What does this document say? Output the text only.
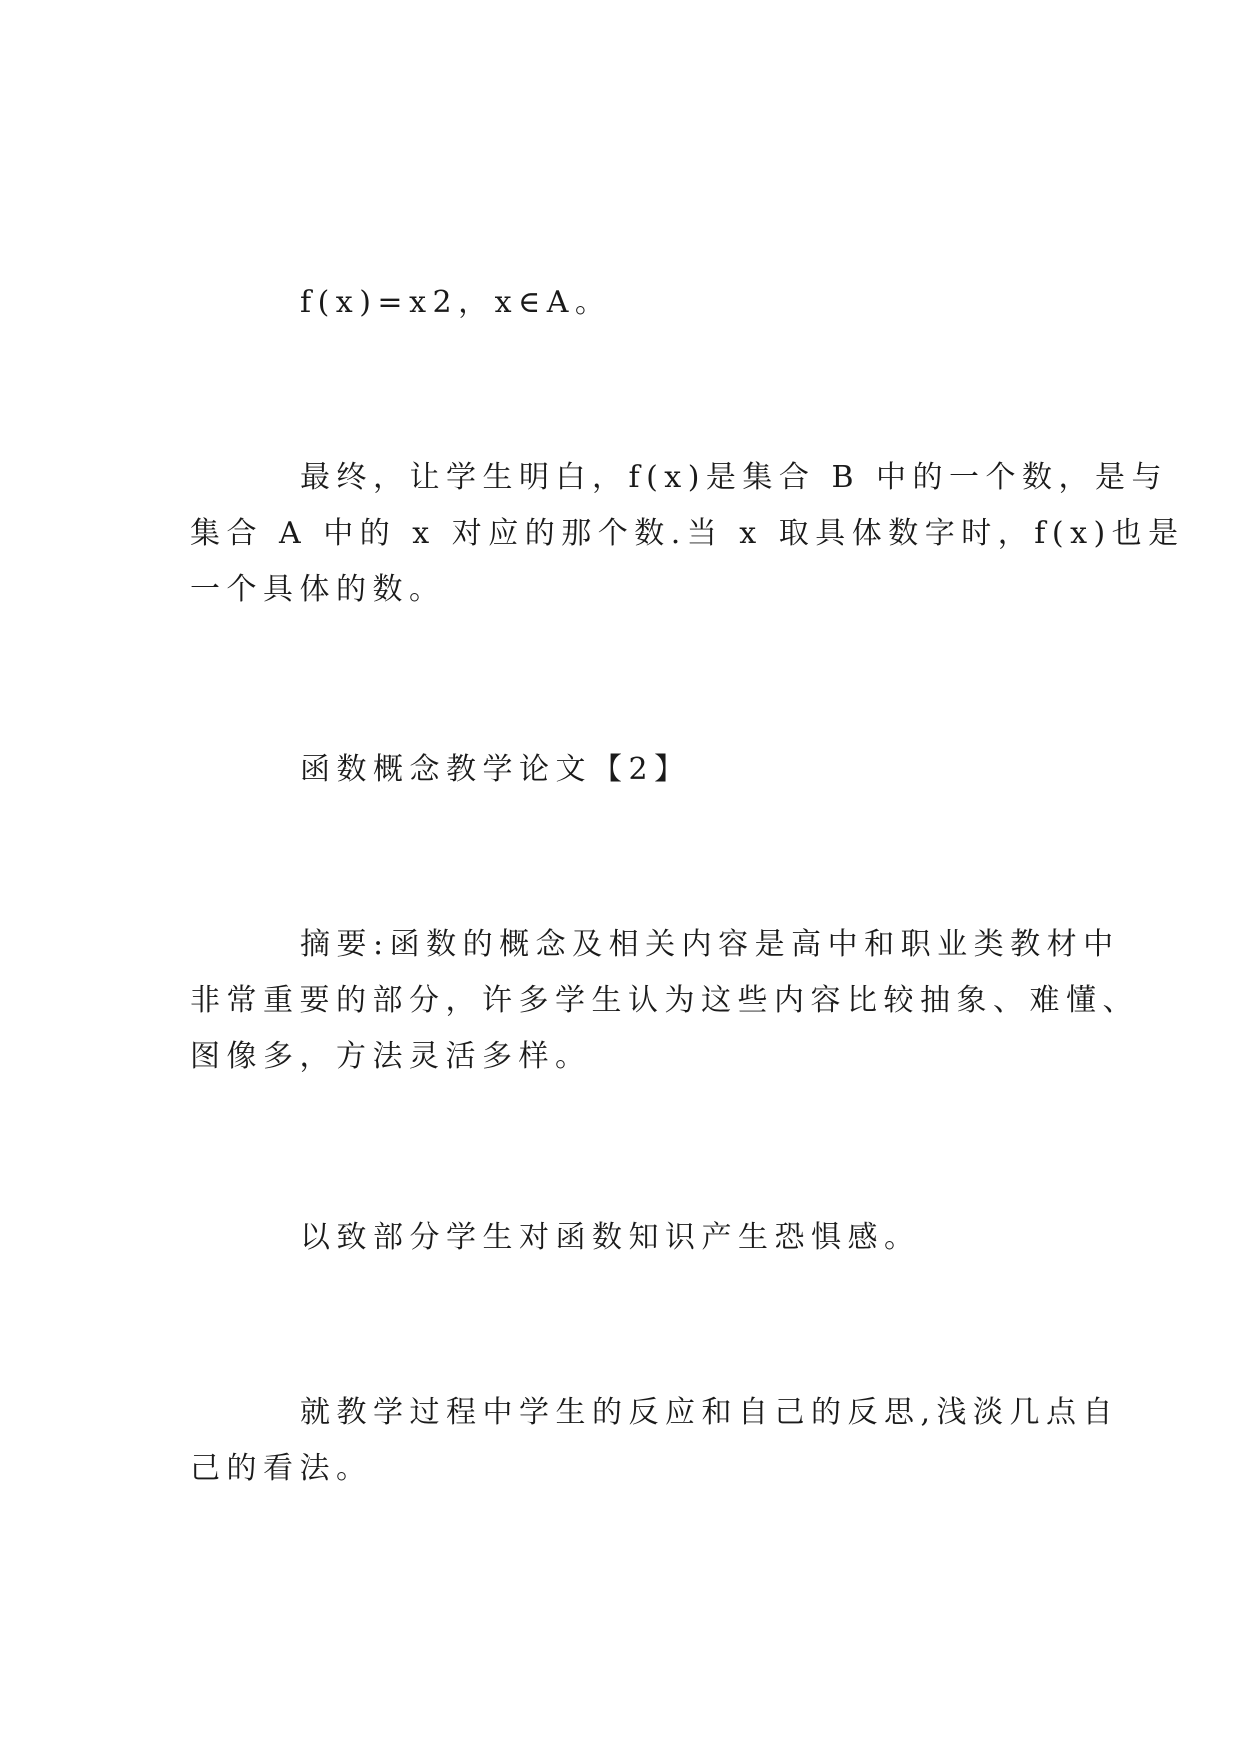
f(x)=x2，x∈A。

最终，让学生明白，f(x)是集合 B 中的一个数，是与
集合 A 中的 x 对应的那个数.当 x 取具体数字时，f(x)也是
一个具体的数。

函数概念教学论文【2】

摘要:函数的概念及相关内容是高中和职业类教材中
非常重要的部分，许多学生认为这些内容比较抽象、难懂、
图像多，方法灵活多样。

以致部分学生对函数知识产生恐惧感。

就教学过程中学生的反应和自己的反思,浅淡几点自
己的看法。
